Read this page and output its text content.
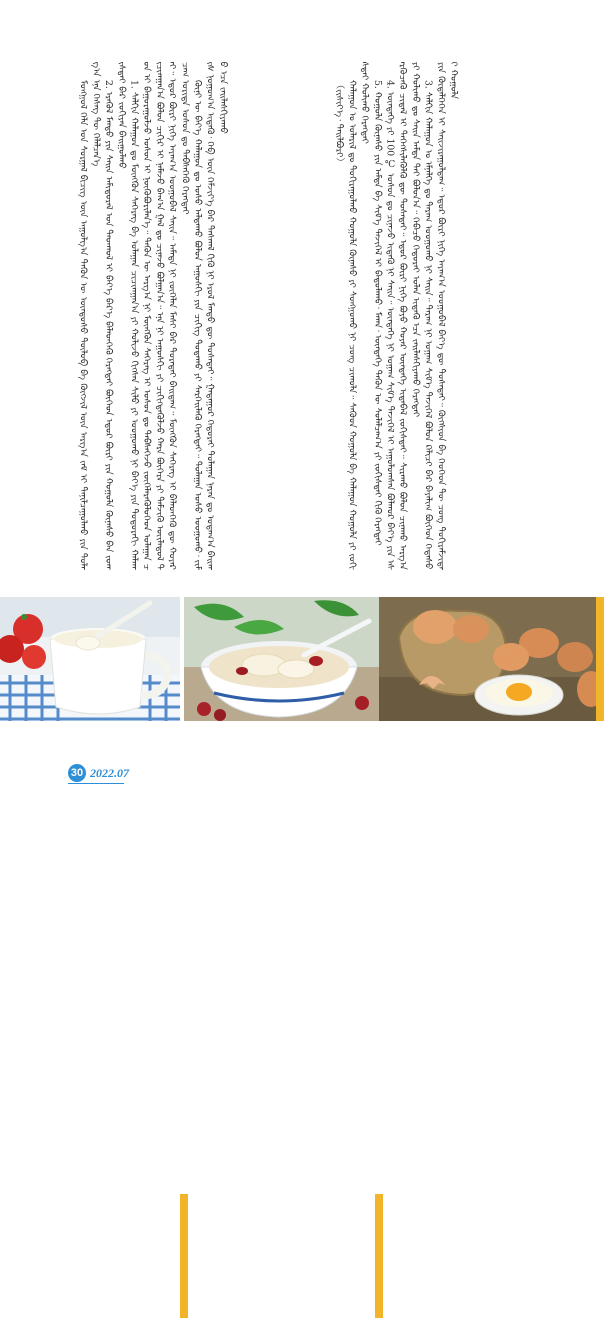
ᠮᠣᠩᠭᠣᠯ ᠬᠡᠯᠡ ᠤᠨ ᠰᠤᠷᠭᠠᠯ ᠪᠢᠴᠢᠭ ᠦᠨ ᠠᠭᠤᠯᠭ᠎ᠠ ᠲᠡᠭᠦᠨ ᠦ ᠦᠨᠳᠦᠰᠦ ᠲᠥᠯᠥᠪ ᠪᠠ ᠬᠥᠭᠵᠢᠯ ᠦᠨ ᠠᠷᠭ᠎ᠠ ᠵᠠᠮ ᠢ ᠲᠠᠨᠢᠯᠴᠠᠭᠤᠯᠬᠤ ᠶᠢᠨ ᠲᠤᠯᠠᠭ᠎ᠠ ᠡᠨᠡ ᠬᠡᠰᠡᠭ ᠲᠦ ᠬᠡᠯᠡᠯᠴᠡᠨ᠎ᠡ 2. ᠡᠷᠡᠭᠦᠯ ᠮᠡᠨᠳᠦ ᠶᠢᠨ ᠰᠠᠢᠨ ᠠᠮᠢᠳᠤᠷᠠᠯ ᠤᠨ ᠳᠠᠳᠬᠤᠯ ᠢ ᠪᠡᠶ᠎ᠡ ᠪᠡᠷ᠎ᠡ ᠪᠡᠯᠡᠳᠬᠡᠬᠦ ᠬᠡᠷᠡᠭᠲᠡᠢ ᠪᠥᠭᠡᠳ ᠡᠳᠦᠷ ᠪᠦᠷᠢ ᠶᠢᠨ ᠬᠣᠭᠤᠯᠠ ᠬᠦᠨᠡᠰᠦ ᠪᠡᠨ ᠵᠣᠬᠢᠰᠲᠠᠢ ᠪᠡᠷ ᠵᠣᠬᠢᠶᠠᠨ ᠪᠠᠢᠭᠤᠯᠬᠤ 1. ᠰᠠᠯᠬᠢᠨ ᠬᠠᠯᠠᠭᠤᠨ ᠳᠤ ᠮᠥᠩᠭᠥᠨ ᠰᠡᠭᠡᠷᠡᠭ ᠪᠠ ᠤᠯᠠᠭᠠᠨ ᠴᠢᠴᠢᠭᠭᠠᠨ᠎ᠠ ᠶᠢ ᠬᠣᠯᠢᠵᠤ ᠬᠢᠭᠰᠡᠨ ᠰᠢᠯᠦ ᠶᠢ ᠤᠤᠭᠤᠬᠤ ᠨᠢ ᠪᠡᠶ᠎ᠡ ᠶᠢᠨ ᠳᠣᠲᠣᠷᠠᠬᠢ ᠬᠠᠯᠠᠭᠤᠨ ᠢ ᠪᠠᠭᠤᠷᠠᠭᠤᠯᠵᠤ ᠤᠰᠤᠨ ᠢ ᠨᠥᠬᠥᠪᠥᠷᠢᠯᠡᠨ᠎ᠡ᠃ ᠲᠡᠭᠦᠨ ᠦ ᠠᠷᠭ᠎ᠠ ᠨᠢ ᠮᠥᠩᠭᠥᠨ ᠰᠡᠭᠡᠷᠡᠭ ᠢ ᠤᠰᠤᠨ ᠳᠤ ᠳᠡᠪᠰᠡᠭᠡᠵᠦ ᠵᠥᠭᠡᠯᠡᠷᠡᠭᠦᠯᠦᠭᠡᠳ ᠤᠯᠠᠭᠠᠨ ᠴᠢᠴᠢᠭᠭᠠᠨ᠎ᠠ ᠪᠣᠯᠤᠨ ᠴᠢᠬᠢᠷ ᠢ ᠨᠡᠮᠡᠵᠦ ᠪᠠᠭ᠎ᠠ ᠭᠠᠯ ᠳᠤ ᠴᠢᠨᠠᠵᠤ ᠪᠣᠯᠭᠠᠨ᠎ᠠ᠃ ᠡᠨᠡ ᠨᠢ ᠠᠭᠤᠰᠬᠢ ᠶᠢ ᠴᠢᠭᠢᠭᠲᠡᠭᠦᠯᠵᠦ ᠬᠠᠷᠠ ᠪᠥᠭᠡᠷᠡ ᠶᠢ ᠳᠡᠮᠵᠢᠬᠦ ᠦᠢᠯᠡᠳᠦᠯ ᠲᠡᠢ᠃ ᠡᠳᠦᠷ ᠪᠦᠷᠢ ᠨᠢᠭᠡ ᠠᠶᠠᠭ᠎ᠠ ᠤᠤᠭᠤᠪᠠᠯ ᠰᠠᠢᠨ᠃ ᠠᠮᠠᠲᠠ ᠨᠢ ᠵᠥᠭᠡᠯᠡᠨ ᠮᠠᠰᠢ ᠪᠠᠷ ᠳᠤᠷᠠᠲᠠᠢ ᠪᠠᠢᠳᠠᠭ᠃ ᠮᠥᠩᠭᠥᠨ ᠰᠡᠭᠡᠷᠡᠭ ᠢ ᠪᠡᠯᠡᠳᠬᠡᠬᠦ ᠳᠦ ᠬᠣᠶᠠᠷ ᠴᠠᠭ ᠤᠷᠢᠳᠠ ᠤᠰᠤᠨ ᠳᠤ ᠳᠡᠪᠰᠡᠭᠡᠬᠦ ᠬᠡᠷᠡᠭᠲᠡᠢ ᠬᠦᠨᠢ ᠦ ᠪᠡᠶ᠎ᠡ ᠬᠠᠯᠠᠭᠤᠨ ᠳᠤ ᠤᠰᠤ ᠠᠯᠳᠠᠬᠤ ᠪᠣᠯᠤᠨ ᠠᠭᠤᠰᠬᠢ ᠶᠢᠨ ᠴᠢᠭᠢᠭ ᠳᠤᠲᠠᠬᠤ ᠶᠢ ᠰᠡᠷᠭᠡᠢᠯᠡᠬᠦ ᠬᠡᠷᠡᠭᠲᠡᠢ᠃ ᠳᠤᠯᠠᠭᠠᠨ ᠤᠰᠤ ᠤᠤᠭᠤᠬᠤ᠂ ᠵᠢᠮᠢᠰ ᠨᠤᠭᠤᠭ᠎ᠠ ᠢᠳᠡᠬᠦ᠂ ᠬᠡᠪ ᠦᠨ ᠬᠡᠮᠵᠢᠶ᠎ᠡ ᠪᠡᠷ ᠳᠠᠰᠬᠠᠯ ᠬᠢᠬᠦ ᠨᠢ ᠡᠷᠦᠯ ᠮᠡᠨᠳᠦ ᠳᠦ ᠲᠤᠰᠠᠲᠠᠢ᠃ ᠭᠠᠳᠠᠭᠤᠷ ᠬᠡᠲᠦᠷᠡᠢ ᠳᠤᠯᠠᠭᠠᠨ ᠨᠠᠷᠠᠨ ᠳᠤ ᠤᠳᠠᠭ᠎ᠠ ᠪᠠᠢᠬᠤ ᠡᠴᠡ ᠵᠠᠢᠯᠠᠰᠬᠢᠶᠠᠬᠤ	（ᠵᠢᠰᠢᠶ᠎ᠡ᠂ ᠲᠠᠢᠯᠪᠤᠷᠢ） ᠬᠠᠯᠠᠭᠤᠨ ᠤ ᠤᠯᠠᠷᠢᠯ ᠳᠤ ᠲᠣᠬᠢᠷᠠᠭᠤᠯᠬᠤ ᠬᠣᠭᠤᠯᠠ ᠬᠦᠨᠡᠰᠦ ᠶᠢ ᠰᠣᠩᠭᠣᠬᠤ ᠨᠢ ᠴᠤᠩ ᠴᠢᠬᠤᠯᠠ᠃ ᠰᠡᠭᠦᠦᠨ ᠬᠣᠭᠤᠯᠠ ᠪᠠ ᠬᠠᠯᠠᠭᠤᠨ ᠬᠣᠭᠤᠯᠠ ᠶᠢ ᠵᠣᠬᠢᠰᠲᠠᠢ ᠬᠣᠯᠢᠬᠤ ᠬᠡᠷᠡᠭᠲᠡᠢ 5. ᠬᠣᠭᠤᠯᠠ ᠬᠦᠨᠡᠰᠦ ᠶᠢᠨ ᠠᠮᠲᠠ ᠪᠠ ᠰᠢᠮ᠎ᠡ ᠲᠡᠵᠢᠭᠡᠯ ᠢ ᠪᠠᠲᠤᠯᠠᠬᠤ᠂ ᠮᠠᠬᠠ᠂ ᠥᠨᠳᠡᠭᠡ ᠲᠡᠭᠦᠨ ᠦ ᠰᠤᠯᠠᠯᠴᠠᠭ᠎ᠠ ᠶᠢ ᠵᠣᠬᠢᠰᠲᠠᠢ ᠬᠢᠬᠦ ᠬᠡᠷᠡᠭᠲᠡᠢ 4. ᠥᠨᠳᠡᠭᠡ ᠶᠢ 100 ℃ ᠤᠰᠤᠨ ᠳᠤ ᠴᠢᠨᠠᠵᠤ ᠢᠳᠡᠬᠦ ᠨᠢ ᠰᠠᠢᠨ᠃ ᠥᠨᠳᠡᠭᠡ ᠨᠢ ᠤᠭᠠᠭ ᠰᠢᠮ᠎ᠡ ᠲᠡᠵᠢᠭᠡᠯ ᠢ ᠠᠭᠤᠯᠤᠭᠰᠠᠨ ᠪᠣᠯᠬᠣᠷ ᠪᠡᠶ᠎ᠡ ᠶᠢᠨ ᠡᠰᠡᠷᠭᠦᠴᠡᠬᠦ ᠴᠢᠳᠠᠯ ᠢ ᠳᠡᠭᠡᠭᠰᠢᠯᠡᠭᠦᠯᠬᠦ ᠳᠦ ᠲᠤᠰᠠᠲᠠᠢ᠃ ᠡᠳᠦᠷ ᠪᠦᠷᠢ ᠨᠢᠭᠡ ᠪᠤᠶᠤ ᠬᠣᠶᠠᠷ ᠥᠨᠳᠡᠭᠡ ᠢᠳᠡᠪᠡᠯ ᠵᠣᠬᠢᠰᠲᠠᠢ᠃ ᠰᠢᠷᠠᠬᠤ ᠪᠣᠯᠤᠨ ᠴᠢᠨᠠᠬᠤ ᠠᠷᠭ᠎ᠠ ᠶᠢ ᠬᠣᠯᠢᠬᠤ ᠳᠤ ᠰᠠᠢᠨ ᠠᠮᠲᠠ ᠲᠠᠢ ᠪᠣᠯᠤᠨ᠎ᠠ᠃ ᠭᠡᠪᠡᠴᠦ ᠬᠡᠲᠦᠷᠡᠢ ᠣᠯᠠᠨ ᠢᠳᠡᠬᠦ ᠡᠴᠡ ᠵᠠᠢᠯᠠᠰᠬᠢᠶᠠᠬᠤ ᠬᠡᠷᠡᠭᠲᠡᠢ 3. ᠰᠠᠯᠬᠢᠨ ᠬᠠᠯᠠᠭᠤᠨ ᠤ ᠡᠮᠨᠡᠯᠭᠡ ᠳᠤ ᠲᠠᠷᠠᠭ ᠤᠤᠭᠤᠬᠤ ᠨᠢ ᠰᠠᠢᠨ᠃ ᠲᠠᠷᠠᠭ ᠨᠢ ᠤᠭᠠᠭ ᠰᠢᠮ᠎ᠡ ᠲᠡᠵᠢᠭᠡᠯ ᠪᠣᠯᠤᠨ ᠺᠠᠯᠢᠴᠢ ᠪᠠᠷ ᠪᠠᠶᠠᠯᠢᠭ ᠪᠥᠭᠡᠳ ᠭᠡᠳᠡᠰᠦ ᠶᠢᠨ ᠬᠥᠳᠡᠯᠭᠡᠭᠡᠨ ᠢ ᠰᠠᠢᠵᠢᠷᠠᠭᠤᠯᠳᠠᠭ᠃ ᠡᠳᠦᠷ ᠪᠦᠷᠢ ᠨᠢᠭᠡ ᠠᠶᠠᠭ᠎ᠠ ᠤᠤᠭᠤᠪᠠᠯ ᠪᠡᠶ᠎ᠡ ᠳᠦ ᠲᠤᠰᠠᠲᠠᠢ᠃ ᠬᠥᠭᠰᠢᠳ ᠪᠠ ᠬᠡᠦᠬᠡᠳ ᠲᠦ ᠴᠤᠩ ᠲᠣᠬᠢᠷᠠᠮᠵᠢᠲᠠᠢ ᠬᠣᠭᠤᠯᠠ

30 2022.07
